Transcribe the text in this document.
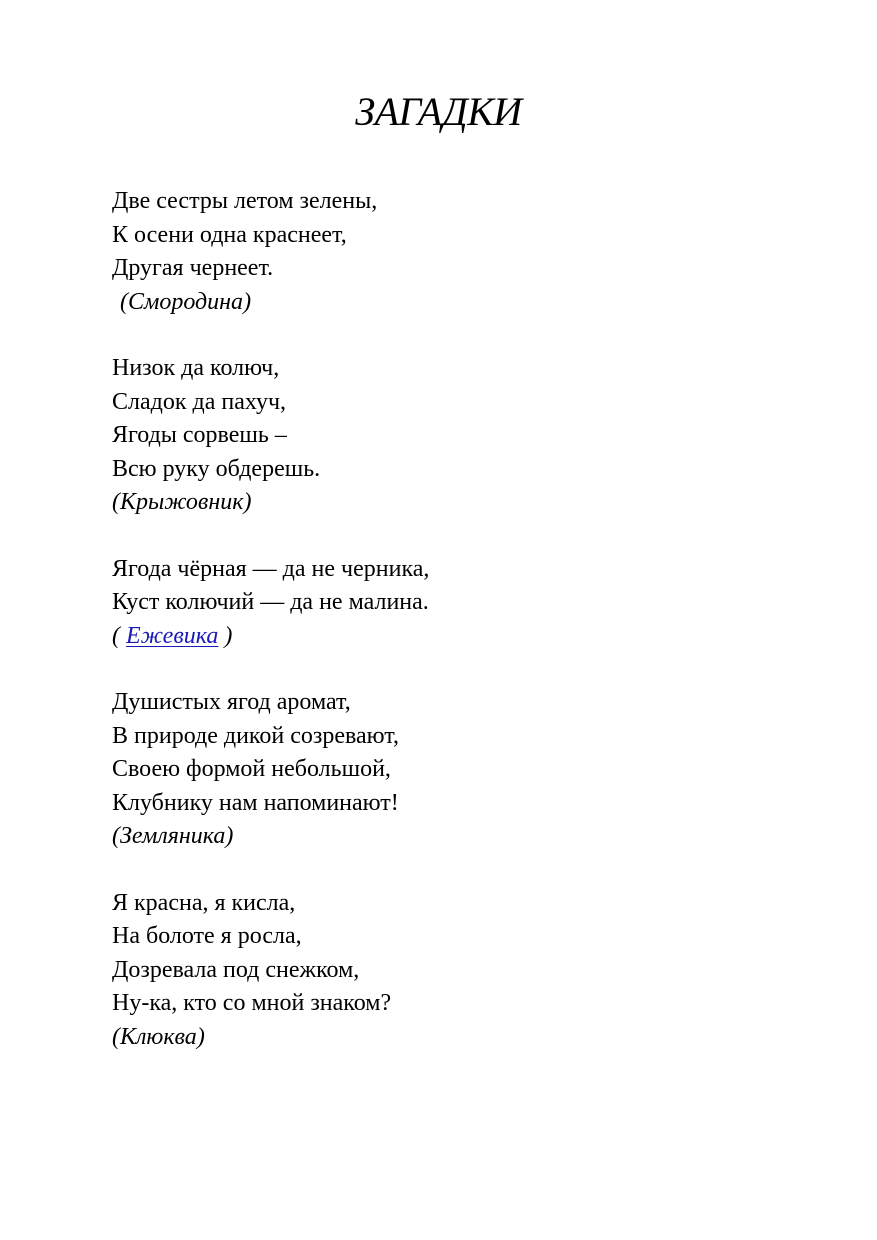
ЗАГАДКИ
Две сестры летом зелены,
К осени одна краснеет,
Другая чернеет.
(Смородина)
Низок да колюч,
Сладок да пахуч,
Ягоды сорвешь –
Всю руку обдерешь.
(Крыжовник)
Ягода чёрная — да не черника,
Куст колючий — да не малина.
( Ежевика )
Душистых ягод аромат,
В природе дикой созревают,
Своею формой небольшой,
Клубнику нам напоминают!
(Земляника)
Я красна, я кисла,
На болоте я росла,
Дозревала под снежком,
Ну-ка, кто со мной знаком?
(Клюква)
